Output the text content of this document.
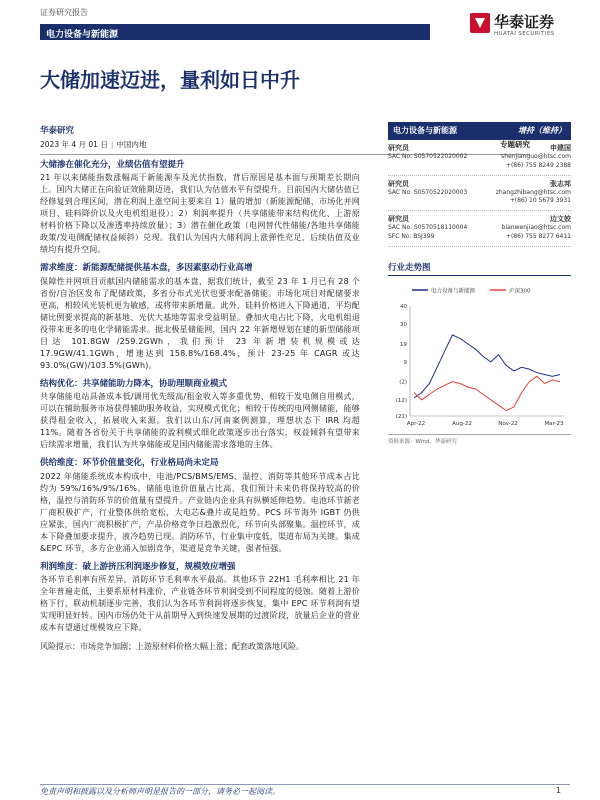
证券研究报告
电力设备与新能源
华泰证券
HUATAI SECURITIES
大储加速迈进，量利如日中升
华泰研究
2023 年 4 月 01 日 | 中国内地	专题研究
大储渗在催化充分，业绩估值有望提升
21 年以来储能指数涨幅高于新能源车及光伏指数，背后原因是基本面与预期差长期向上。国内大储正在向验证效能期迈进，我们认为估值水平有望提升。目前国内大储估值已经修复到合理区间，潜在利润上涨空间主要来自 1）量的增加（新能源配储、市场化并网项目、硅料降价以及火电机组退役）；2）利润率提升（共享储能带来结构优化、上游原材料价格下降以及渗透率持续放量）；3）潜在催化政策（电网替代性储能/各地共享储能政策/发电侧配储权益倾斜）兑现。我们认为国内大储利润上涨弹性充足，后续估值及业绩均有提升空间。
需求维度：新能源配储提供基本盘，多因素驱动行业高增
保障性并网项目贡献国内储能需求的基本盘，据我们统计，截至 23 年 1 月已有 28 个省份/自治区发布了配储政策，多省分布式光伏也要求配备储能。市场化项目对配储要求更高，相较风光装机更为敏感，或将带来新增量。此外，硅料价格进入下降通道，平均配储比例要求提高的新基地、光伏大基地等需求受益明显。叠加火电占比下降，火电机组退役带来更多的电化学储能需求。据北极星储能网，国内 22 年新增规划在建的新型储能项目达 101.8GW /259.2GWh，我们预计 23 年新增装机规模或达 17.9GW/41.1GWh，增速达到 158.8%/168.4%，预计 23-25 年 CAGR 或达 93.0%(GW)/103.5%(GWh)。
结构优化：共享储能助力降本，协助理顺商业模式
共享储能电站具备成本低/调用优先级高/租金收入等多重优势，相较于发电侧自用模式，可以在辅助服务市场获得辅助服务收益，实现模式优化；相较于传统的电网侧储能，能够获得租金收入，拓展收入来源。我们以山东/河南案例测算，理想状态下 IRR 均超 11%。随着各省份关于共享储能的盈利模式细化政策逐步出台落实，权益倾斜有望带来后续需求增量，我们认为共享储能或是国内储能需求落地的主体。
供给维度：环节价值量变化，行业格局尚未定局
2022 年储能系统成本构成中，电池/PCS/BMS/EMS、温控、消防等其他环节成本占比约为 59%/16%/9%/16%。储能电池价值量占比高，我们预计未来仍将保持较高的价格，温控与消防环节的价值量有望提升。产业链内企业具有纵横延伸趋势。电池环节新老厂商积极扩产，行业整体供给宽松，大电芯&叠片或是趋势。PCS 环节海外 IGBT 仍供应紧张，国内厂商积极扩产，产品价格竞争日趋激烈化，环节向头部聚集。温控环节，成本下降叠加要求提升，液冷趋势已现。消防环节，行业集中度低，渠道布局为关键。集成&EPC 环节，多方企业涌入加剧竞争，渠道是竞争关键，强者恒强。
利润维度：破上游挤压利润逐步修复，规模效应增强
各环节毛利率有所差异，消防环节毛利率水平最高。其他环节 22H1 毛利率相比 21 年全年普遍走低，主要系原材料涨价，产业链各环节利润受到不同程度的侵蚀。随着上游价格下行，联动机制逐步完善，我们认为各环节利润将逐步恢复，集中 EPC 环节利润有望实现明显好转。国内市场仍处于从前期导入到快速发展期的过渡阶段，放量后企业的营业成本有望通过规模效应下降。
风险提示：市场竞争加剧；上游原材料价格大幅上涨；配套政策落地风险。
电力设备与新能源	增持（维持）
研究员	申建国
SAC No. S0570522020002	shenjianguo@htsc.com
+(86) 755 8249 2388
研究员	张志邦
SAC No. S0570522020003	zhangzhibang@htsc.com
+(86) 10 5679 3931
研究员	边文姣
SAC No. S0570518110004	bianwenjiao@htsc.com
SFC No. BSJ399	+(86) 755 8277 6411
行业走势图
电力设备与新能源	沪深300
40
30
19
9
(2)
(12)
(21)
Apr-22	Aug-22	Nov-22	Mar-23
资料来源：Wind，华泰研究
免责声明和披露以及分析师声明是报告的一部分，请务必一起阅读。	1
